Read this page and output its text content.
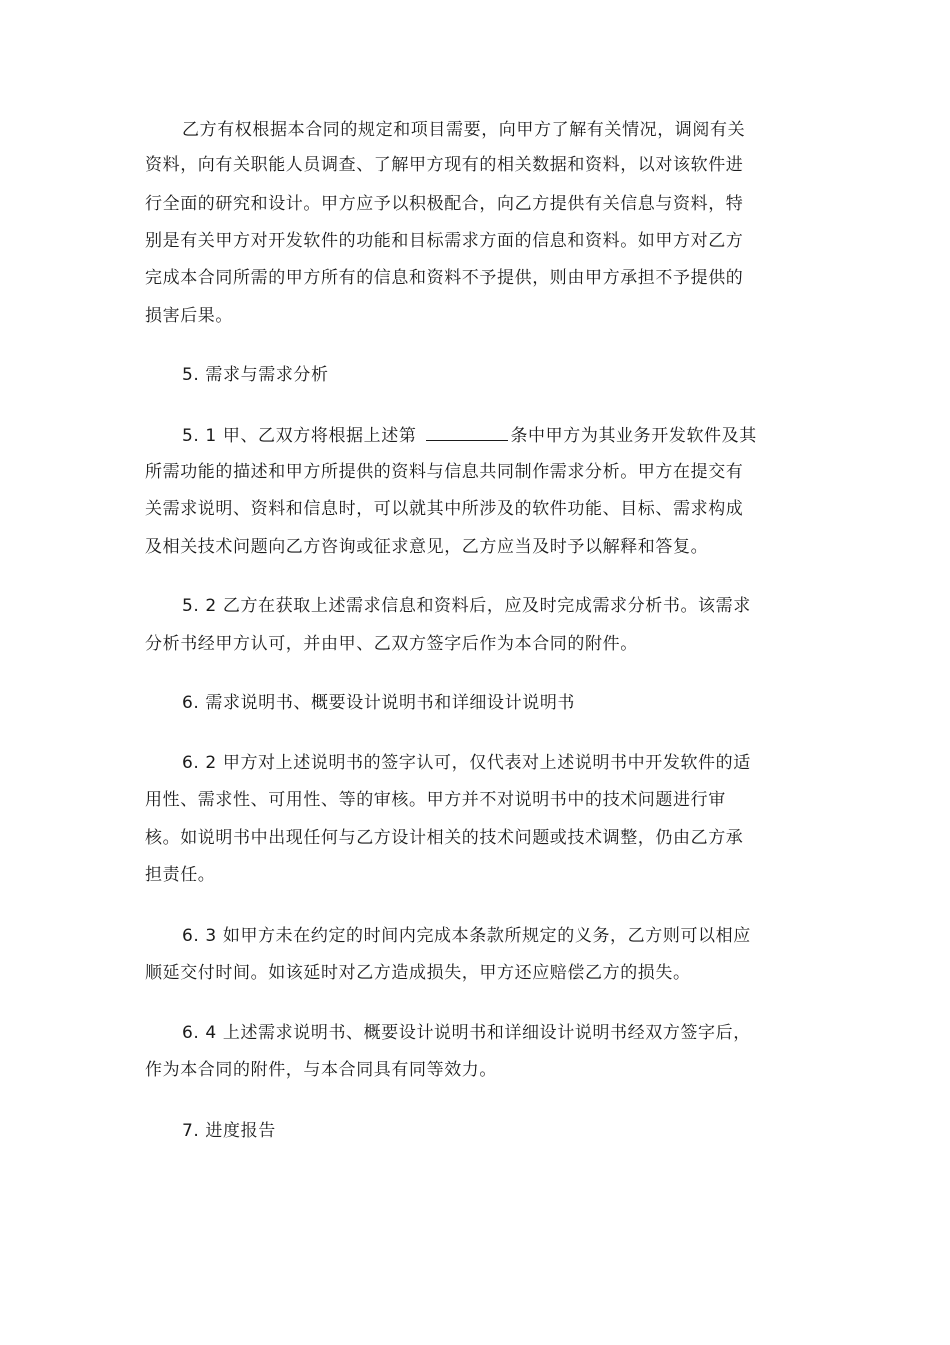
乙方有权根据本合同的规定和项目需要，向甲方了解有关情况，调阅有关
资料，向有关职能人员调查、了解甲方现有的相关数据和资料，以对该软件进
行全面的研究和设计。甲方应予以积极配合，向乙方提供有关信息与资料，特
别是有关甲方对开发软件的功能和目标需求方面的信息和资料。如甲方对乙方
完成本合同所需的甲方所有的信息和资料不予提供，则由甲方承担不予提供的
损害后果。
5. 需求与需求分析
5. 1 甲、乙双方将根据上述第	条中甲方为其业务开发软件及其
所需功能的描述和甲方所提供的资料与信息共同制作需求分析。甲方在提交有
关需求说明、资料和信息时，可以就其中所涉及的软件功能、目标、需求构成
及相关技术问题向乙方咨询或征求意见，乙方应当及时予以解释和答复。
5. 2 乙方在获取上述需求信息和资料后，应及时完成需求分析书。该需求
分析书经甲方认可，并由甲、乙双方签字后作为本合同的附件。
6. 需求说明书、概要设计说明书和详细设计说明书
6. 2 甲方对上述说明书的签字认可，仅代表对上述说明书中开发软件的适
用性、需求性、可用性、等的审核。甲方并不对说明书中的技术问题进行审
核。如说明书中出现任何与乙方设计相关的技术问题或技术调整，仍由乙方承
担责任。
6. 3 如甲方未在约定的时间内完成本条款所规定的义务，乙方则可以相应
顺延交付时间。如该延时对乙方造成损失，甲方还应赔偿乙方的损失。
6. 4 上述需求说明书、概要设计说明书和详细设计说明书经双方签字后，
作为本合同的附件，与本合同具有同等效力。
7. 进度报告
